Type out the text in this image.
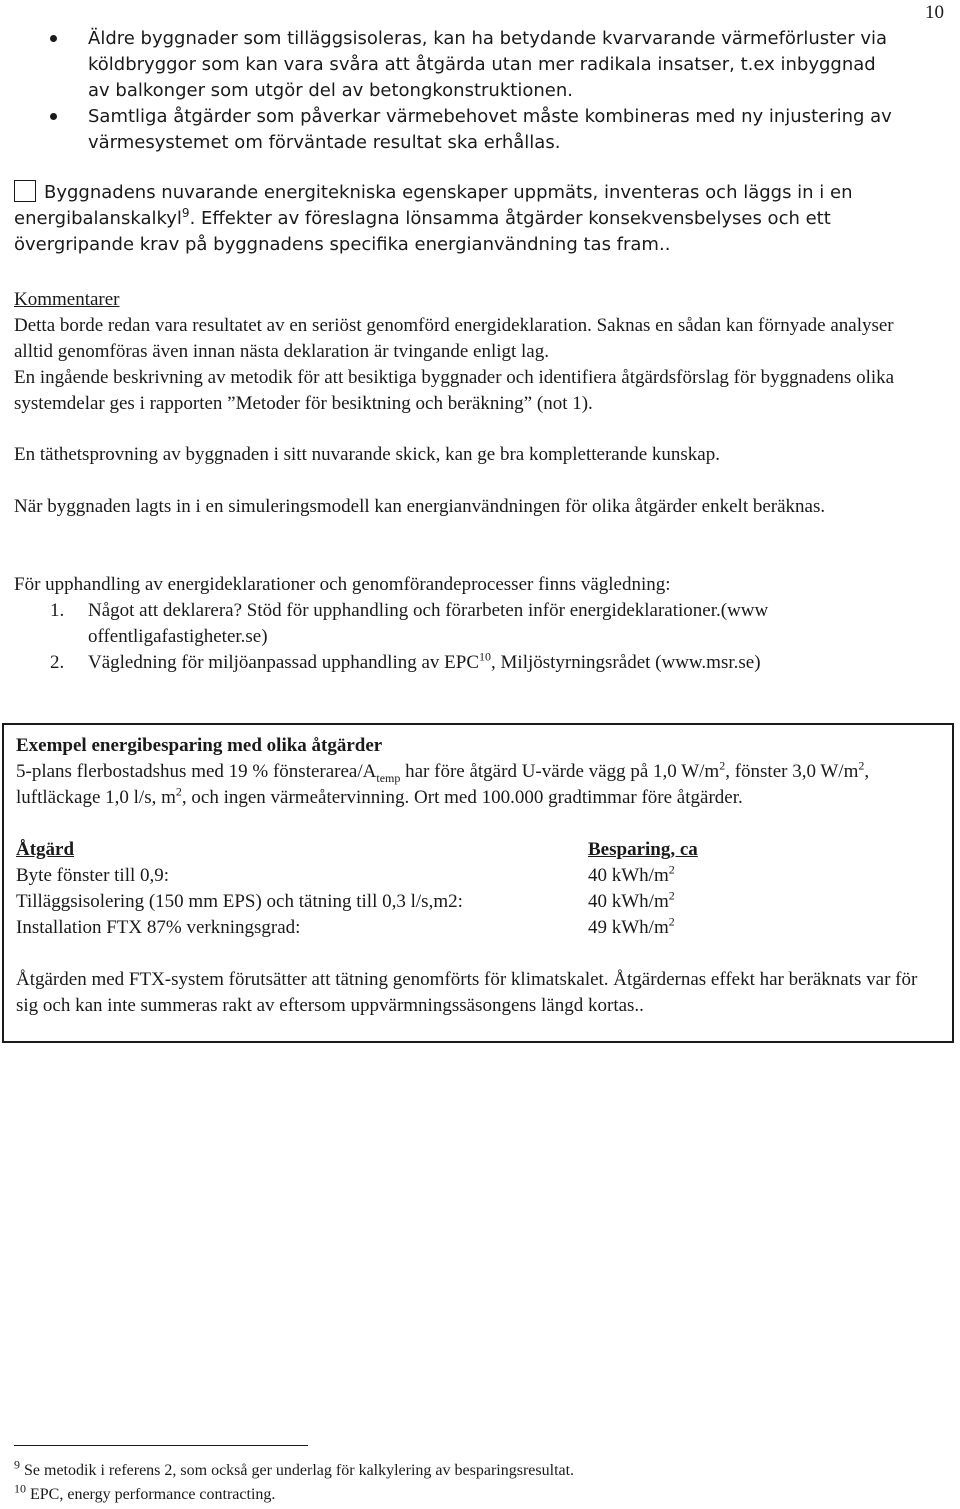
10
Äldre byggnader som tilläggsisoleras, kan ha betydande kvarvarande värmeförluster via köldbryggor som kan vara svåra att åtgärda utan mer radikala insatser, t.ex inbyggnad av balkonger som utgör del av betongkonstruktionen.
Samtliga åtgärder som påverkar värmebehovet måste kombineras med ny injustering av värmesystemet om förväntade resultat ska erhållas.
Byggnadens nuvarande energitekniska egenskaper uppmäts, inventeras och läggs in i en energibalanskalkyl$^9$. Effekter av föreslagna lönsamma åtgärder konsekvensbelyses och ett övergripande krav på byggnadens specifika energianvändning tas fram..

Kommentarer

Detta borde redan vara resultatet av en seriöst genomförd energideklaration. Saknas en sådan kan förnyade analyser alltid genomföras även innan nästa deklaration är tvingande enligt lag.

En ingående beskrivning av metodik för att besiktiga byggnader och identifiera åtgärdsförslag för byggnadens olika systemdelar ges i rapporten ”Metoder för besiktning och beräkning” (not 1).

En täthetsprovning av byggnaden i sitt nuvarande skick, kan ge bra kompletterande kunskap.

När byggnaden lagts in i en simuleringsmodell kan energianvändningen för olika åtgärder enkelt beräknas.

För upphandling av energideklarationer och genomförandeprocesser finns vägledning:

1. Något att deklarera? Stöd för upphandling och förarbeten inför energideklarationer.(www offentligafastigheter.se)
2. Vägledning för miljöanpassad upphandling av EPC$^{10}$, Miljöstyrningsrådet (www.msr.se)

Exempel energibesparing med olika åtgärder

5-plans flerbostadshus med 19 % fönsterarea/$A_{temp}$ har före åtgärd U-värde vägg på 1,0 $W/m^2$, fönster 3,0 $W/m^2$, luftläckage 1,0 l/s, $m^2$, och ingen värmeåtervinning. Ort med 100.000 gradtimmar före åtgärder.

Åtgärd	Besparing, ca
Byte fönster till 0,9:	40 kWh/$m^2$
Tilläggsisolering (150 mm EPS) och tätning till 0,3 l/s,m2:	40 kWh/$m^2$
Installation FTX 87% verkningsgrad:	49 kWh/$m^2$

Åtgärden med FTX-system förutsätter att tätning genomförts för klimatskalet. Åtgärdernas effekt har beräknats var för sig och kan inte summeras rakt av eftersom uppvärmningssäsongens längd kortas..

$^9$ Se metodik i referens 2, som också ger underlag för kalkylering av besparingsresultat.
$^{10}$ EPC, energy performance contracting.
